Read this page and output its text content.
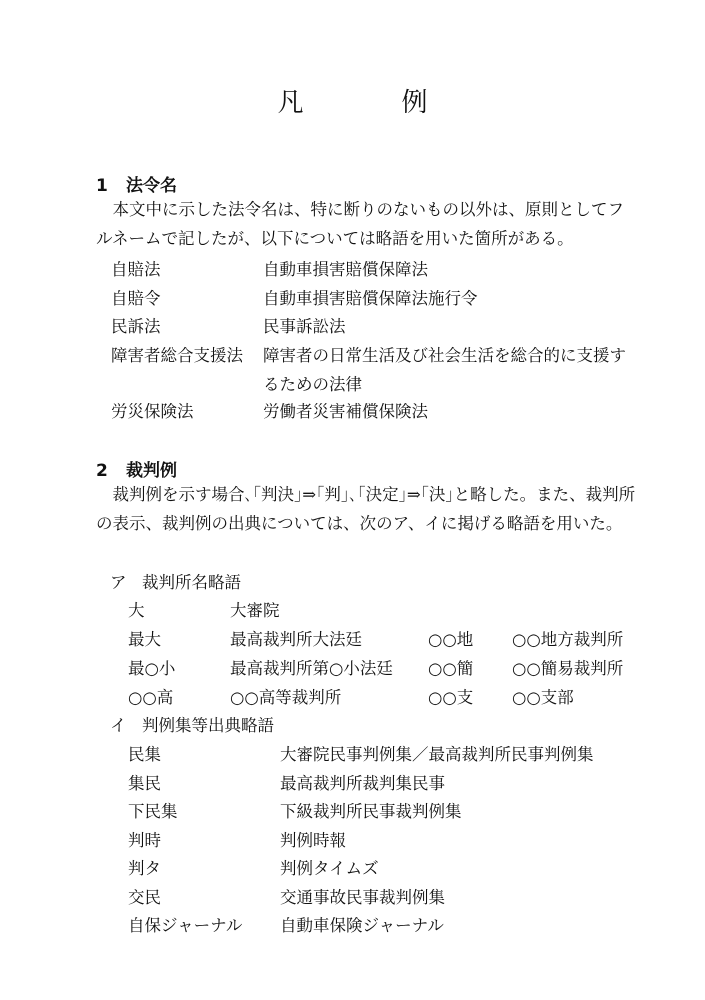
凡　例
1 法令名
本文中に示した法令名は、特に断りのないもの以外は、原則としてフルネームで記したが、以下については略語を用いた箇所がある。
自賠法	自動車損害賠償保障法
自賠令	自動車損害賠償保障法施行令
民訴法	民事訴訟法
障害者総合支援法 障害者の日常生活及び社会生活を総合的に支援するための法律
労災保険法	労働者災害補償保険法
2 裁判例
裁判例を示す場合､｢判決｣⇒｢判｣､｢決定｣⇒｢決｣と略した。また、裁判所の表示、裁判例の出典については、次のア、イに掲げる略語を用いた。
ア 裁判所名略語
大	大審院
最大	最高裁判所大法廷	○○地 ○○地方裁判所
最○小	最高裁判所第○小法廷 ○○簡 ○○簡易裁判所
○○高	○○高等裁判所	○○支 ○○支部
イ 判例集等出典略語
民集	大審院民事判例集／最高裁判所民事判例集
集民	最高裁判所裁判集民事
下民集	下級裁判所民事裁判例集
判時	判例時報
判タ	判例タイムズ
交民	交通事故民事裁判例集
自保ジャーナル 自動車保険ジャーナル
